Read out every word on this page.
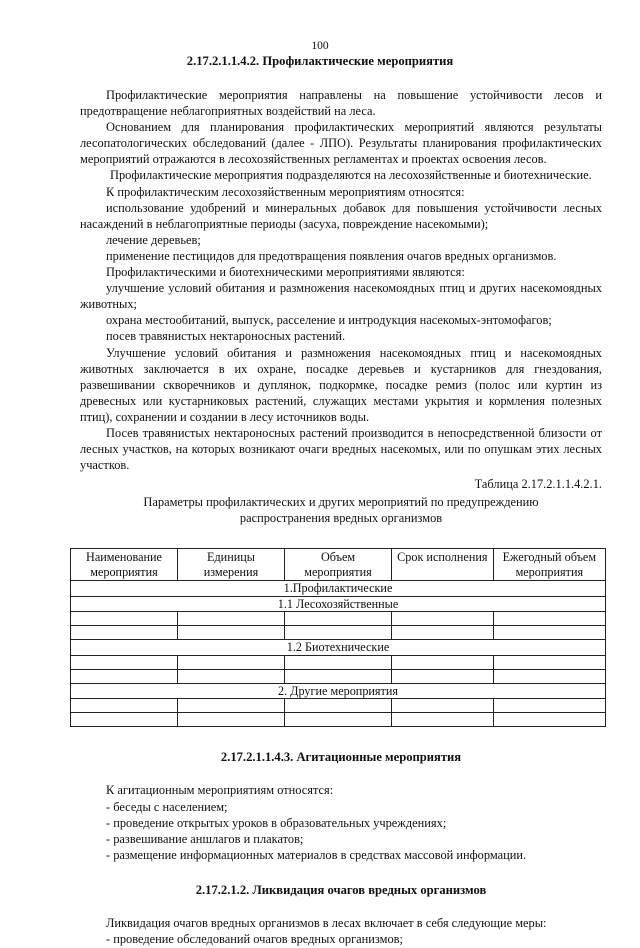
100
2.17.2.1.1.4.2. Профилактические мероприятия

Профилактические мероприятия направлены на повышение устойчивости лесов и предотвращение неблагоприятных воздействий на леса.

Основанием для планирования профилактических мероприятий являются результаты лесопатологических обследований (далее - ЛПО). Результаты планирования профилактических мероприятий отражаются в лесохозяйственных регламентах и проектах освоения лесов.

Профилактические мероприятия подразделяются на лесохозяйственные и биотехнические.

К профилактическим лесохозяйственным мероприятиям относятся:

использование удобрений и минеральных добавок для повышения устойчивости лесных насаждений в неблагоприятные периоды (засуха, повреждение насекомыми);

лечение деревьев;

применение пестицидов для предотвращения появления очагов вредных организмов.

Профилактическими и биотехническими мероприятиями являются:

улучшение условий обитания и размножения насекомоядных птиц и других насекомоядных животных;

охрана местообитаний, выпуск, расселение и интродукция насекомых-энтомофагов;

посев травянистых нектароносных растений.

Улучшение условий обитания и размножения насекомоядных птиц и насекомоядных животных заключается в их охране, посадке деревьев и кустарников для гнездования, развешивании скворечников и дуплянок, подкормке, посадке ремиз (полос или куртин из древесных или кустарниковых растений, служащих местами укрытия и кормления полезных птиц), сохранении и создании в лесу источников воды.

Посев травянистых нектароносных растений производится в непосредственной близости от лесных участков, на которых возникают очаги вредных насекомых, или по опушкам этих лесных участков.

Таблица 2.17.2.1.1.4.2.1.
Параметры профилактических и других мероприятий по предупреждению распространения вредных организмов
Наименование мероприятия	Единицы измерения	Объем мероприятия	Срок исполнения	Ежегодный объем мероприятия
1.Профилактические				
1.1 Лесохозяйственные				

1.2 Биотехнические				

2. Другие мероприятия				

2.17.2.1.1.4.3. Агитационные мероприятия
К агитационным мероприятиям относятся:
- беседы с населением;
- проведение открытых уроков в образовательных учреждениях;
- развешивание аншлагов и плакатов;
- размещение информационных материалов в средствах массовой информации.
2.17.2.1.2. Ликвидация очагов вредных организмов
Ликвидация очагов вредных организмов в лесах включает в себя следующие меры:
- проведение обследований очагов вредных организмов;
